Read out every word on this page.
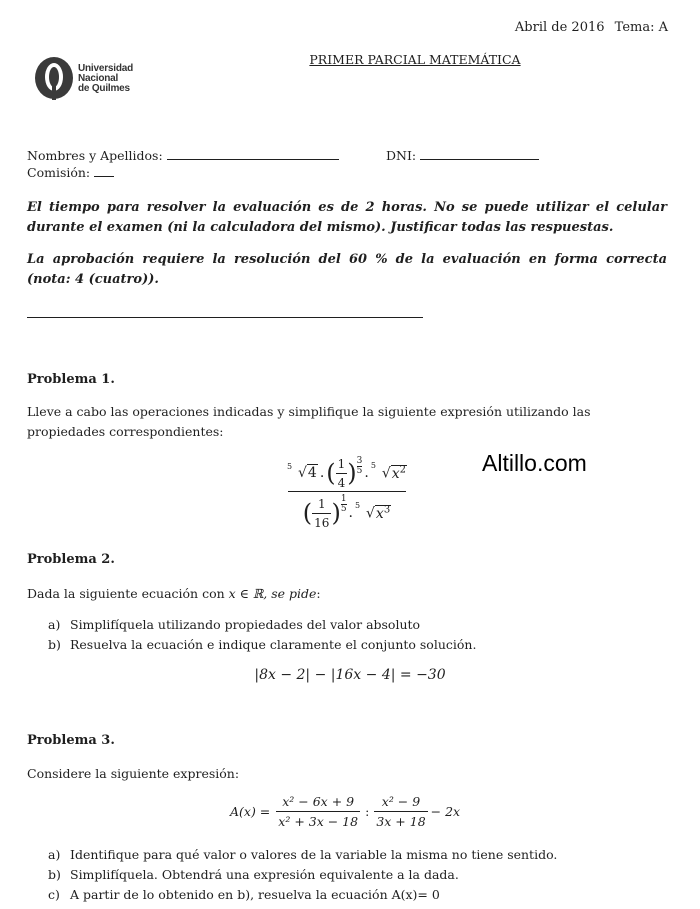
Abril de 2016 Tema: A
PRIMER PARCIAL MATEMÁTICA
Universidad
Nacional
de Quilmes
Nombres y Apellidos:	DNI:
Comisión:
El tiempo para resolver la evaluación es de 2 horas. No se puede utilizar el celular durante el examen (ni la calculadora del mismo). Justificar todas las respuestas.
La aprobación requiere la resolución del 60 % de la evaluación en forma correcta (nota: 4 (cuatro)).
Problema 1.
Lleve a cabo las operaciones indicadas y simplifique la siguiente expresión utilizando las propiedades correspondientes:
5 √4 . ( $\frac{1}{4}$ ) 3
5 . 5
$√x^2$
( $\frac{1}{16}$ )
1
5 . 5
$√x^3$
Altillo.com
Problema 2.
Dada la siguiente ecuación con x ∈ ℝ, se pide:
a) Simplifíquela utilizando propiedades del valor absoluto
b) Resuelva la ecuación e indique claramente el conjunto solución.
|8x − 2| − |16x − 4| = −30
Problema 3.
Considere la siguiente expresión:
$A(x) = \frac{\text{x² − 6x + 9}}{\text{x² + 3x − 18}}$ : $\frac{\text{x² − 9}}{3x + 18} - 2x$
a) Identifique para qué valor o valores de la variable la misma no tiene sentido.
b) Simplifíquela. Obtendrá una expresión equivalente a la dada.
c) A partir de lo obtenido en b), resuelva la ecuación A(x)= 0
